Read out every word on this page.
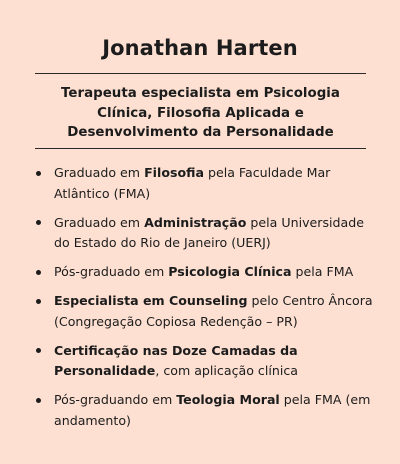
Jonathan Harten

Terapeuta especialista em Psicologia Clínica, Filosofia Aplicada e Desenvolvimento da Personalidade

Graduado em Filosofia pela Faculdade Mar Atlântico (FMA)
Graduado em Administração pela Universidade do Estado do Rio de Janeiro (UERJ)
Pós-graduado em Psicologia Clínica pela FMA
Especialista em Counseling pelo Centro Âncora (Congregação Copiosa Redenção – PR)
Certificação nas Doze Camadas da Personalidade, com aplicação clínica
Pós-graduando em Teologia Moral pela FMA (em andamento)
